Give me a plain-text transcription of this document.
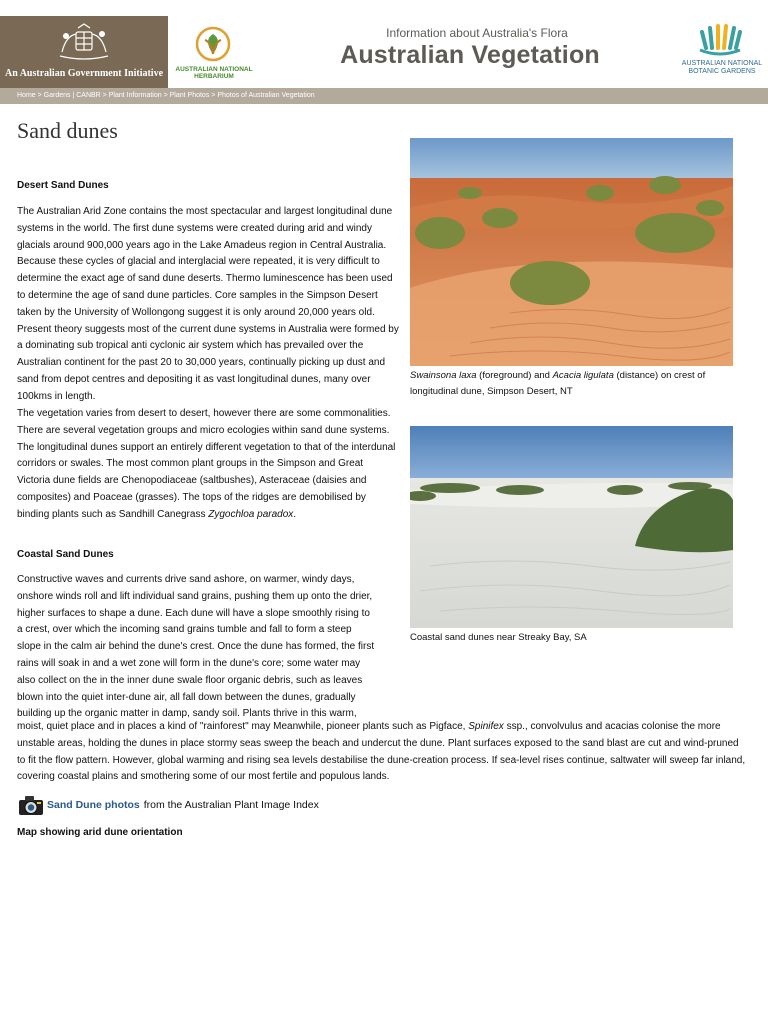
An Australian Government Initiative	AUSTRALIAN NATIONAL
HERBARIUM
Information about Australia's Flora
Australian Vegetation	AUSTRALIAN NATIONAL
BOTANIC GARDENS
Home > Gardens | CANBR > Plant Information > Plant Photos > Photos of Australian Vegetation
Sand dunes
Desert Sand Dunes

The Australian Arid Zone contains the most spectacular and largest longitudinal dune systems in the world. The first dune systems were created during arid and windy glacials around 900,000 years ago in the Lake Amadeus region in Central Australia. Because these cycles of glacial and interglacial were repeated, it is very difficult to determine the exact age of sand dune deserts. Thermo luminescence has been used to determine the age of sand dune particles. Core samples in the Simpson Desert taken by the University of Wollongong suggest it is only around 20,000 years old. Present theory suggests most of the current dune systems in Australia were formed by a dominating sub tropical anti cyclonic air system which has prevailed over the Australian continent for the past 20 to 30,000 years, continually picking up dust and sand from depot centres and depositing it as vast longitudinal dunes, many over 100kms in length.

The vegetation varies from desert to desert, however there are some commonalities. There are several vegetation groups and micro ecologies within sand dune systems. The longitudinal dunes support an entirely different vegetation to that of the interdunal corridors or swales. The most common plant groups in the Simpson and Great Victoria dune fields are Chenopodiaceae (saltbushes), Asteraceae (daisies and composites) and Poaceae (grasses). The tops of the ridges are demobilised by binding plants such as Sandhill Canegrass Zygochloa paradox.

Coastal Sand Dunes

Constructive waves and currents drive sand ashore, on warmer, windy days,
onshore winds roll and lift individual sand grains, pushing them up onto the drier,
higher surfaces to shape a dune. Each dune will have a slope smoothly rising to
a crest, over which the incoming sand grains tumble and fall to form a steep
slope in the calm air behind the dune's crest. Once the dune has formed, the first
rains will soak in and a wet zone will form in the dune's core; some water may
also collect on the in the inner dune swale floor organic debris, such as leaves
blown into the quiet inter-dune air, all fall down between the dunes, gradually
building up the organic matter in damp, sandy soil. Plants thrive in this warm,

moist, quiet place and in places a kind of "rainforest" may Meanwhile, pioneer plants such as Pigface, Spinifex ssp., convolvulus and acacias colonise the more unstable areas, holding the dunes in place stormy seas sweep the beach and undercut the dune. Plant surfaces exposed to the sand blast are cut and wind-pruned to fit the flow pattern. However, global warming and rising sea levels destabilise the dune-creation process. If sea-level rises continue, saltwater will sweep far inland, covering coastal plains and smothering some of our most fertile and populous lands.

Swainsona laxa (foreground) and Acacia ligulata (distance) on crest of longitudinal dune, Simpson Desert, NT
Coastal sand dunes near Streaky Bay, SA
Sand Dune photos from the Australian Plant Image Index
Map showing arid dune orientation
